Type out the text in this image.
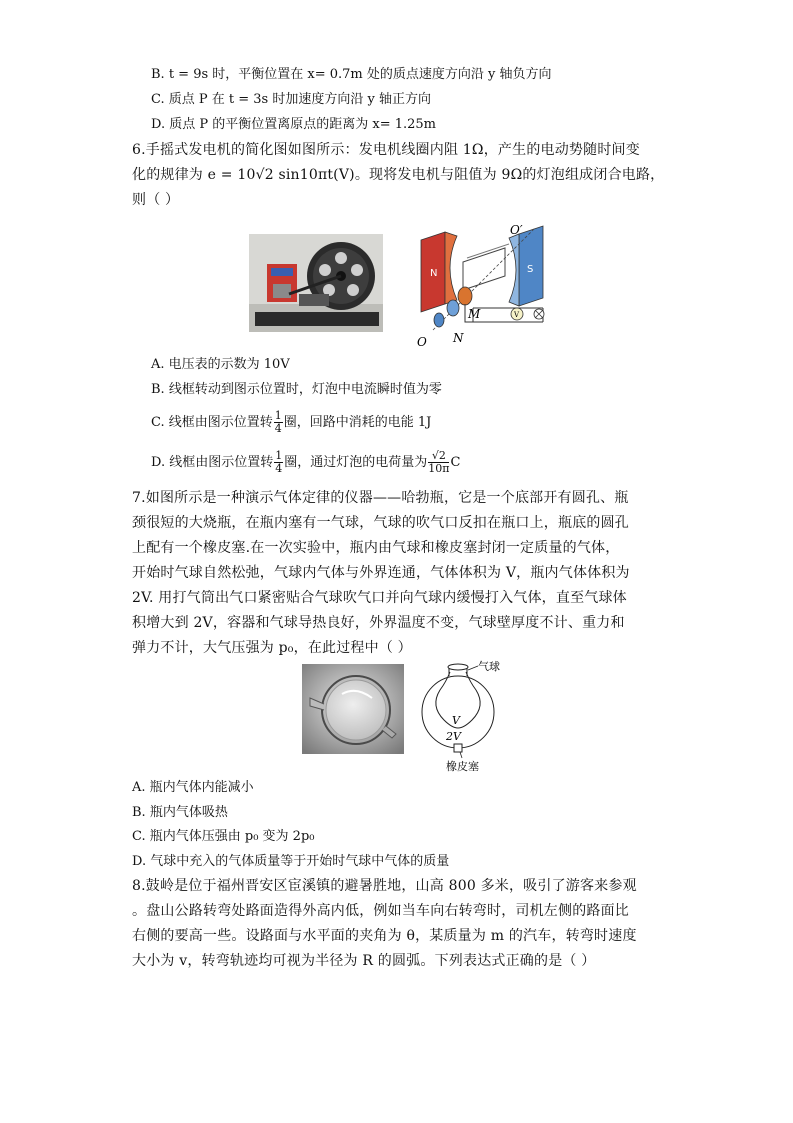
B. t = 9s 时，平衡位置在 x= 0.7m 处的质点速度方向沿 y 轴负方向
C. 质点 P 在 t = 3s 时加速度方向沿 y 轴正方向
D. 质点 P 的平衡位置离原点的距离为 x= 1.25m
6.手摇式发电机的简化图如图所示：发电机线圈内阻 1Ω，产生的电动势随时间变
化的规律为 e = 10√2 sin10πt(V)。现将发电机与阻值为 9Ω的灯泡组成闭合电路，
则（ ）
O′
N	S
M	V
O N
A. 电压表的示数为 10V
B. 线框转动到图示位置时，灯泡中电流瞬时值为零
C. 线框由图示位置转 $\frac{1}{4}$ 圈，回路中消耗的电能 1J
D. 线框由图示位置转 $\frac{1}{4}$ 圈，通过灯泡的电荷量为 $\frac{√2}{10\pi}$ C
7.如图所示是一种演示气体定律的仪器——哈勃瓶，它是一个底部开有圆孔、瓶
颈很短的大烧瓶，在瓶内塞有一气球，气球的吹气口反扣在瓶口上，瓶底的圆孔
上配有一个橡皮塞.在一次实验中，瓶内由气球和橡皮塞封闭一定质量的气体，
开始时气球自然松弛，气球内气体与外界连通，气体体积为 V，瓶内气体体积为
2V. 用打气筒出气口紧密贴合气球吹气口并向气球内缓慢打入气体，直至气球体
积增大到 2V，容器和气球导热良好，外界温度不变，气球壁厚度不计、重力和
弹力不计，大气压强为 p₀，在此过程中（ ）
气球
V
2V
橡皮塞
A. 瓶内气体内能减小
B. 瓶内气体吸热
C. 瓶内气体压强由 p₀ 变为 2p₀
D. 气球中充入的气体质量等于开始时气球中气体的质量
8.鼓岭是位于福州晋安区宦溪镇的避暑胜地，山高 800 多米，吸引了游客来参观
。盘山公路转弯处路面造得外高内低，例如当车向右转弯时，司机左侧的路面比
右侧的要高一些。设路面与水平面的夹角为 θ，某质量为 m 的汽车，转弯时速度
大小为 v，转弯轨迹均可视为半径为 R 的圆弧。下列表达式正确的是（ ）
